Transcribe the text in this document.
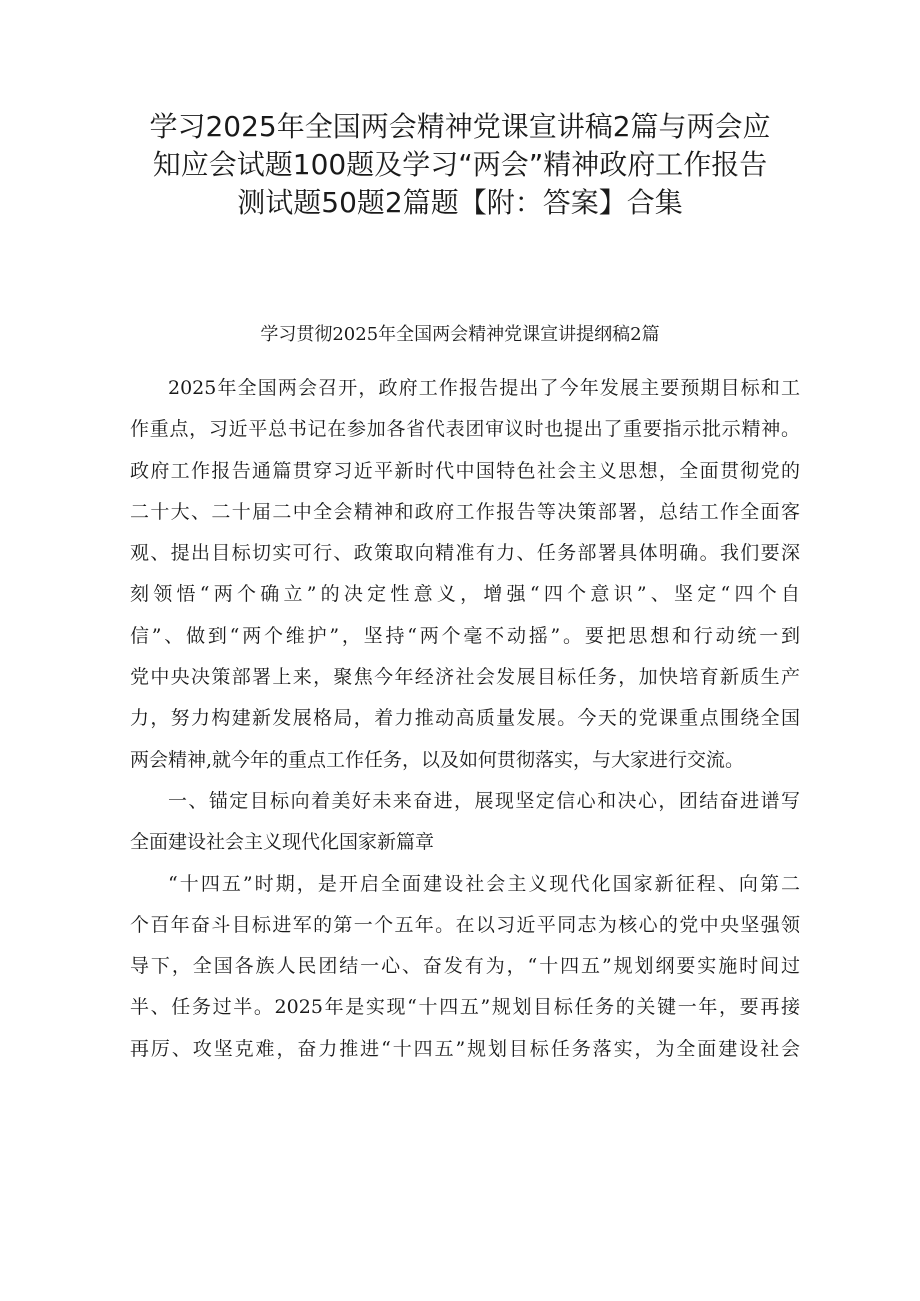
学习2025年全国两会精神党课宣讲稿2篇与两会应
知应会试题100题及学习“两会”精神政府工作报告
测试题50题2篇题【附：答案】合集
学习贯彻2025年全国两会精神党课宣讲提纲稿2篇
2025年全国两会召开，政府工作报告提出了今年发展主要预期目标和工
作重点，习近平总书记在参加各省代表团审议时也提出了重要指示批示精神。
政府工作报告通篇贯穿习近平新时代中国特色社会主义思想，全面贯彻党的
二十大、二十届二中全会精神和政府工作报告等决策部署，总结工作全面客
观、提出目标切实可行、政策取向精准有力、任务部署具体明确。我们要深
刻领悟“两个确立”的决定性意义，增强“四个意识”、坚定“四个自
信”、做到“两个维护”，坚持“两个毫不动摇”。要把思想和行动统一到
党中央决策部署上来，聚焦今年经济社会发展目标任务，加快培育新质生产
力，努力构建新发展格局，着力推动高质量发展。今天的党课重点围绕全国
两会精神,就今年的重点工作任务，以及如何贯彻落实，与大家进行交流。
一、锚定目标向着美好未来奋进，展现坚定信心和决心，团结奋进谱写
全面建设社会主义现代化国家新篇章
“十四五”时期，是开启全面建设社会主义现代化国家新征程、向第二
个百年奋斗目标进军的第一个五年。在以习近平同志为核心的党中央坚强领
导下，全国各族人民团结一心、奋发有为，“十四五”规划纲要实施时间过
半、任务过半。2025年是实现“十四五”规划目标任务的关键一年，要再接
再厉、攻坚克难，奋力推进“十四五”规划目标任务落实，为全面建设社会
